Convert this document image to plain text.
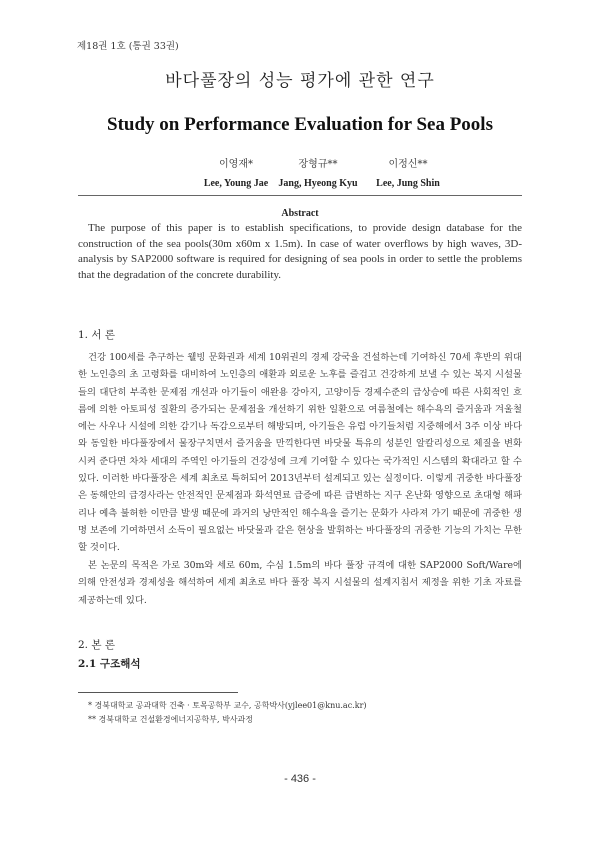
제18권 1호 (통권 33권)
바다풀장의 성능 평가에 관한 연구
Study on Performance Evaluation for Sea Pools
이영재*
Lee, Young Jae
장형규**
Jang, Hyeong Kyu
이정신**
Lee, Jung Shin
Abstract
The purpose of this paper is to establish specifications, to provide design database for the construction of the sea pools(30m x60m x 1.5m). In case of water overflows by high waves, 3D-analysis by SAP2000 software is required for designing of sea pools in order to settle the problems that the degradation of the concrete durability.
1. 서 론
건강 100세를 추구하는 웰빙 문화권과 세계 10위권의 경제 강국을 건설하는데 기여하신 70세 후반의 위대한 노인층의 초 고령화를 대비하여 노인층의 애환과 외로운 노후를 즐겁고 건강하게 보낼 수 있는 복지 시설물들의 대단히 부족한 문제점 개선과 아기들이 애완용 강아지, 고양이등 경제수준의 급상승에 따른 사회적인 흐름에 의한 아토피성 질환의 증가되는 문제점을 개선하기 위한 일환으로 여름철에는 해수욕의 즐거움과 겨울철에는 사우나 시설에 의한 감기나 독감으로부터 해방되며, 아기들은 유럽 아기들처럼 지중해에서 3주 이상 바다와 동일한 바다풀장에서 물장구치면서 즐거움을 만끽한다면 바닷물 특유의 성분인 알칼리성으로 체질을 변화시켜 준다면 차차 세대의 주역인 아기들의 건강성에 크게 기여할 수 있다는 국가적인 시스템의 확대라고 할 수 있다. 이러한 바다풀장은 세계 최초로 특허되어 2013년부터 설계되고 있는 실정이다. 이렇게 귀중한 바다풀장은 동해안의 급경사라는 안전적인 문제점과 화석연료 급증에 따른 급변하는 지구 온난화 영향으로 초대형 해파리나 예측 불허한 이만큼 발생 때문에 과거의 낭만적인 해수욕을 즐기는 문화가 사라져 가기 때문에 귀중한 생명 보존에 기여하면서 소득이 필요없는 바닷물과 같은 현상을 발휘하는 바다풀장의 귀중한 기능의 가치는 무한할 것이다.
본 논문의 목적은 가로 30m와 세로 60m, 수심 1.5m의 바다 풀장 규격에 대한 SAP2000 Soft/Ware에 의해 안전성과 경제성을 해석하여 세계 최초로 바다 풀장 복지 시설물의 설계지침서 제정을 위한 기초 자료를 제공하는데 있다.
2. 본 론
2.1 구조해석
* 경북대학교 공과대학 건축 · 토목공학부 교수, 공학박사(yjlee01@knu.ac.kr)
** 경북대학교 건설환경에너지공학부, 박사과정
- 436 -
